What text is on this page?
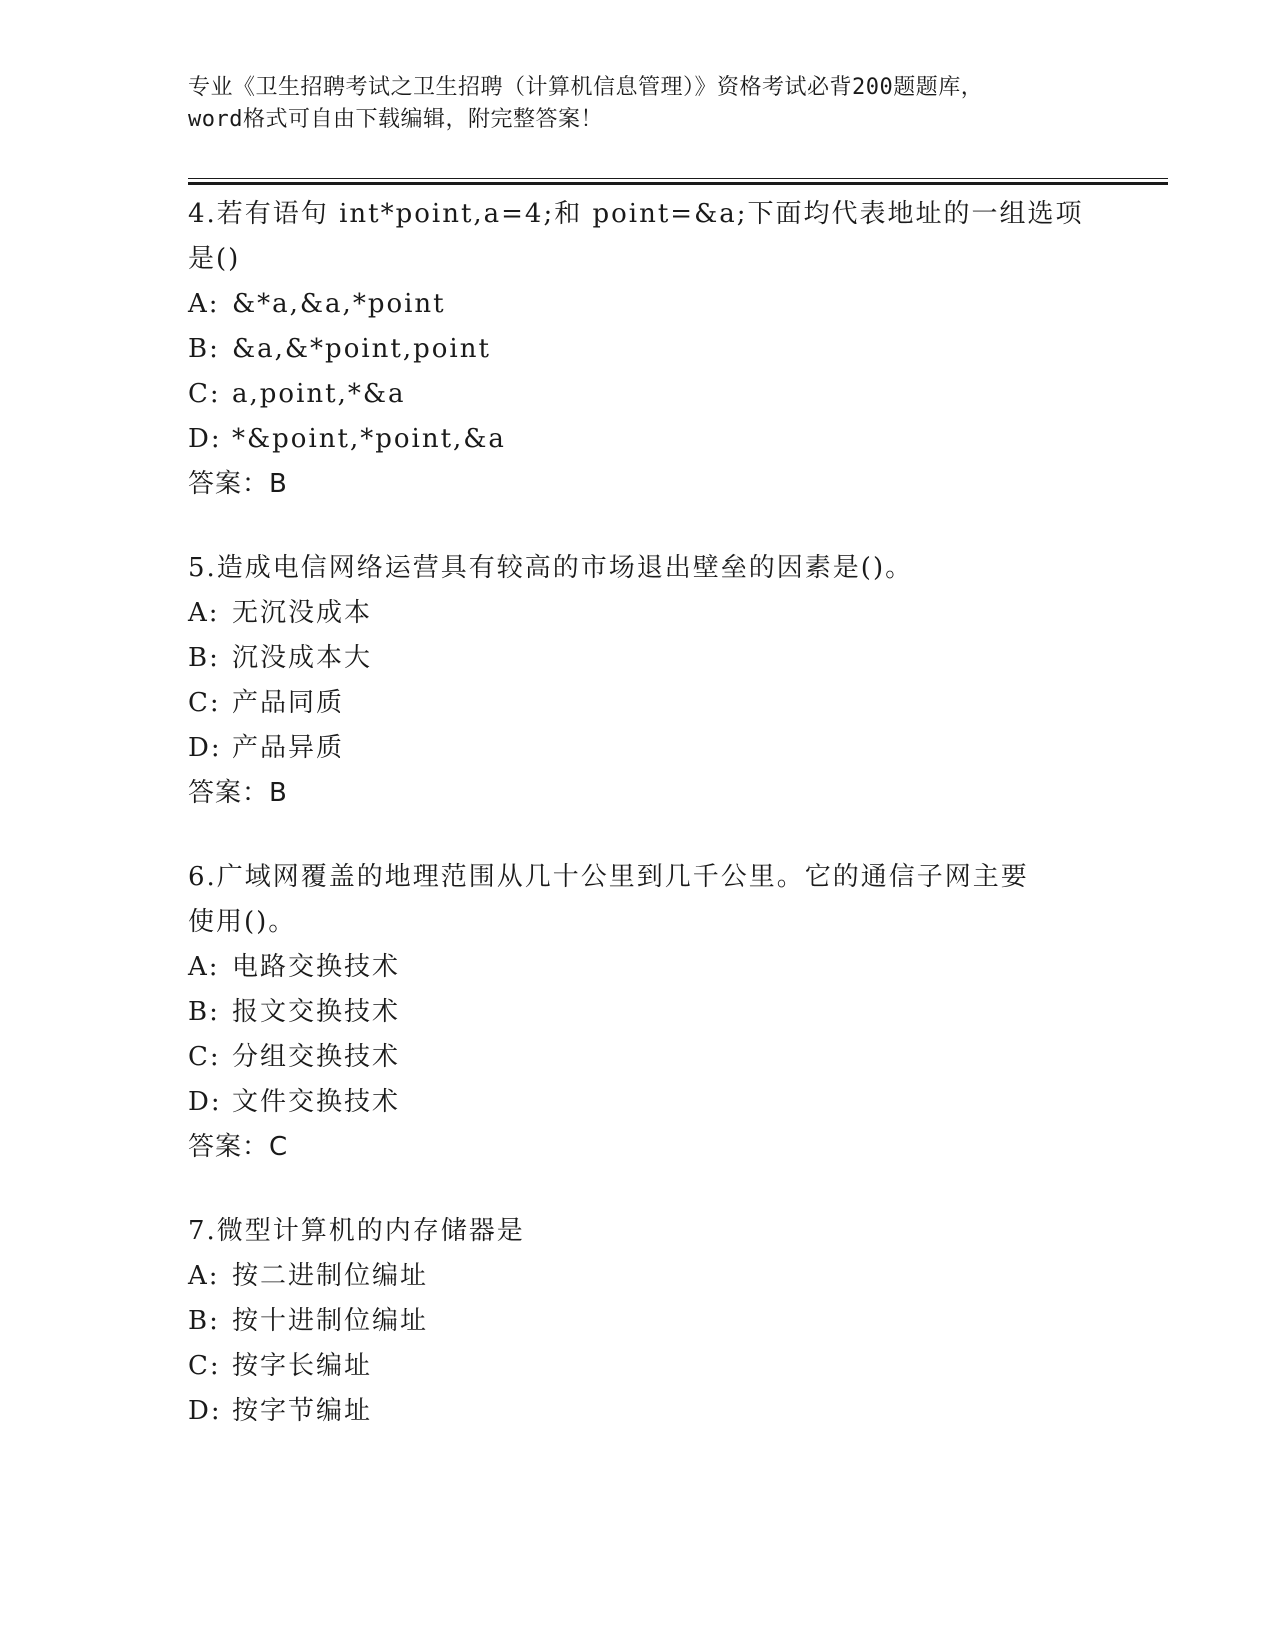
专业《卫生招聘考试之卫生招聘（计算机信息管理）》资格考试必背200题题库，
word格式可自由下载编辑，附完整答案！
4.若有语句 int*point,a=4;和 point=&a;下面均代表地址的一组选项
是()
A: &*a,&a,*point
B: &a,&*point,point
C: a,point,*&a
D: *&point,*point,&a
答案：B
5.造成电信网络运营具有较高的市场退出壁垒的因素是()。
A: 无沉没成本
B: 沉没成本大
C: 产品同质
D: 产品异质
答案：B
6.广域网覆盖的地理范围从几十公里到几千公里。它的通信子网主要
使用()。
A: 电路交换技术
B: 报文交换技术
C: 分组交换技术
D: 文件交换技术
答案：C
7.微型计算机的内存储器是
A: 按二进制位编址
B: 按十进制位编址
C: 按字长编址
D: 按字节编址
